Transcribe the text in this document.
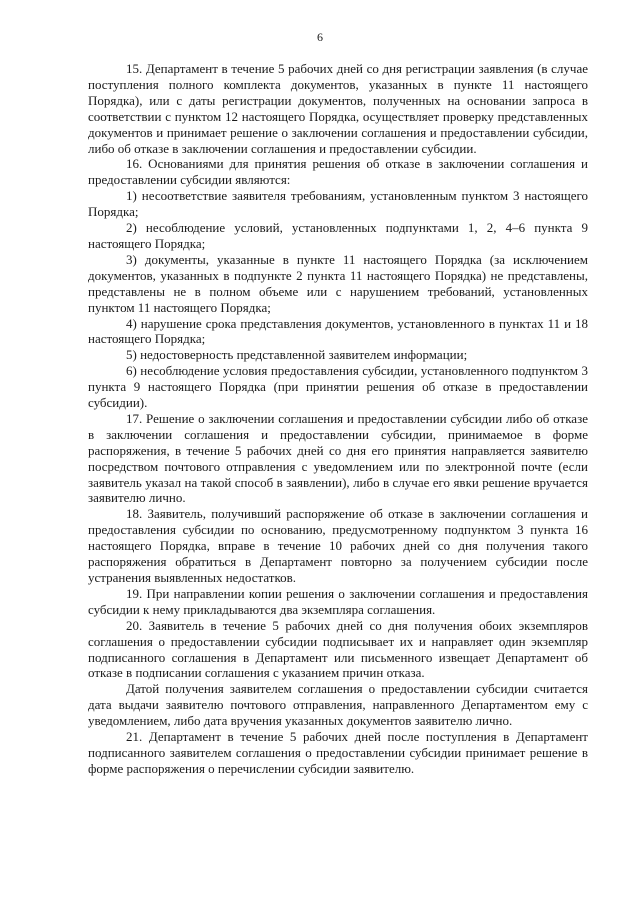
6

15. Департамент в течение 5 рабочих дней со дня регистрации заявления (в случае поступления полного комплекта документов, указанных в пункте 11 настоящего Порядка), или с даты регистрации документов, полученных на основании запроса в соответствии с пунктом 12 настоящего Порядка, осуществляет проверку представленных документов и принимает решение о заключении соглашения и предоставлении субсидии, либо об отказе в заключении соглашения и предоставлении субсидии.

16. Основаниями для принятия решения об отказе в заключении соглашения и предоставлении субсидии являются:

1) несоответствие заявителя требованиям, установленным пунктом 3 настоящего Порядка;

2) несоблюдение условий, установленных подпунктами 1, 2, 4–6 пункта 9 настоящего Порядка;

3) документы, указанные в пункте 11 настоящего Порядка (за исключением документов, указанных в подпункте 2 пункта 11 настоящего Порядка) не представлены, представлены не в полном объеме или с нарушением требований, установленных пунктом 11 настоящего Порядка;

4) нарушение срока представления документов, установленного в пунктах 11 и 18 настоящего Порядка;

5) недостоверность представленной заявителем информации;

6) несоблюдение условия предоставления субсидии, установленного подпунктом 3 пункта 9 настоящего Порядка (при принятии решения об отказе в предоставлении субсидии).

17. Решение о заключении соглашения и предоставлении субсидии либо об отказе в заключении соглашения и предоставлении субсидии, принимаемое в форме распоряжения, в течение 5 рабочих дней со дня его принятия направляется заявителю посредством почтового отправления с уведомлением или по электронной почте (если заявитель указал на такой способ в заявлении), либо в случае его явки решение вручается заявителю лично.

18. Заявитель, получивший распоряжение об отказе в заключении соглашения и предоставления субсидии по основанию, предусмотренному подпунктом 3 пункта 16 настоящего Порядка, вправе в течение 10 рабочих дней со дня получения такого распоряжения обратиться в Департамент повторно за получением субсидии после устранения выявленных недостатков.

19. При направлении копии решения о заключении соглашения и предоставления субсидии к нему прикладываются два экземпляра соглашения.

20. Заявитель в течение 5 рабочих дней со дня получения обоих экземпляров соглашения о предоставлении субсидии подписывает их и направляет один экземпляр подписанного соглашения в Департамент или письменного извещает Департамент об отказе в подписании соглашения с указанием причин отказа.

Датой получения заявителем соглашения о предоставлении субсидии считается дата выдачи заявителю почтового отправления, направленного Департаментом ему с уведомлением, либо дата вручения указанных документов заявителю лично.

21. Департамент в течение 5 рабочих дней после поступления в Департамент подписанного заявителем соглашения о предоставлении субсидии принимает решение в форме распоряжения о перечислении субсидии заявителю.
